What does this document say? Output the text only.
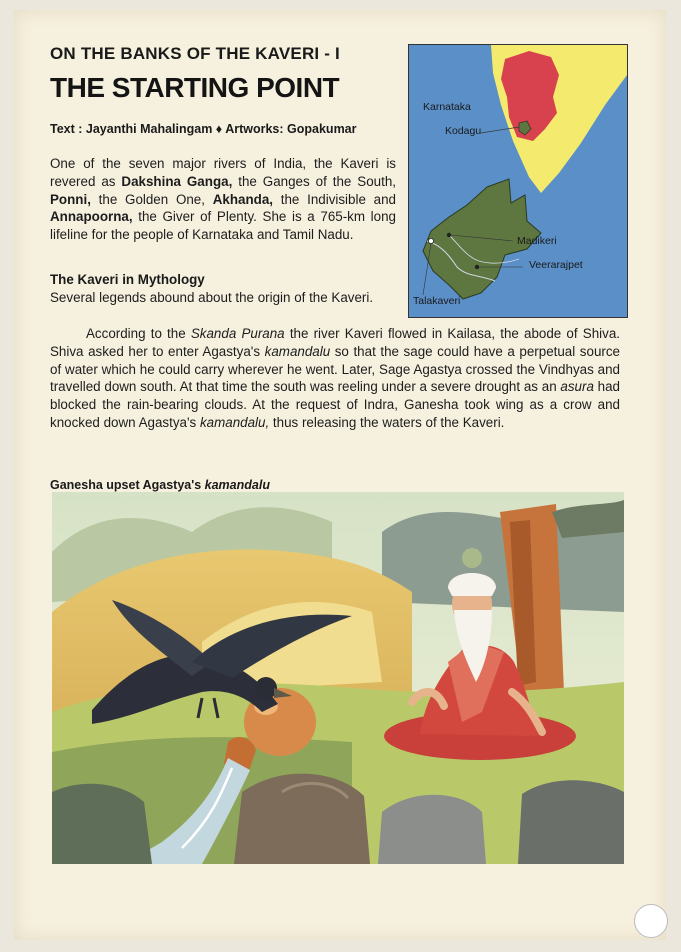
ON THE BANKS OF THE KAVERI - I
THE STARTING POINT
Text : Jayanthi Mahalingam ♦ Artworks: Gopakumar
One of the seven major rivers of India, the Kaveri is revered as Dakshina Ganga, the Ganges of the South, Ponni, the Golden One, Akhanda, the Indivisible and Annapoorna, the Giver of Plenty. She is a 765-km long lifeline for the people of Karnataka and Tamil Nadu.
The Kaveri in Mythology
Several legends abound about the origin of the Kaveri.
According to the Skanda Purana the river Kaveri flowed in Kailasa, the abode of Shiva. Shiva asked her to enter Agastya's kamandalu so that the sage could have a perpetual source of water which he could carry wherever he went. Later, Sage Agastya crossed the Vindhyas and travelled down south. At that time the south was reeling under a severe drought as an asura had blocked the rain-bearing clouds. At the request of Indra, Ganesha took wing as a crow and knocked down Agastya's kamandalu, thus releasing the waters of the Kaveri.
Ganesha upset Agastya's kamandalu
Karnataka
Kodagu
Madikeri
Veerarajpet
Talakaveri
